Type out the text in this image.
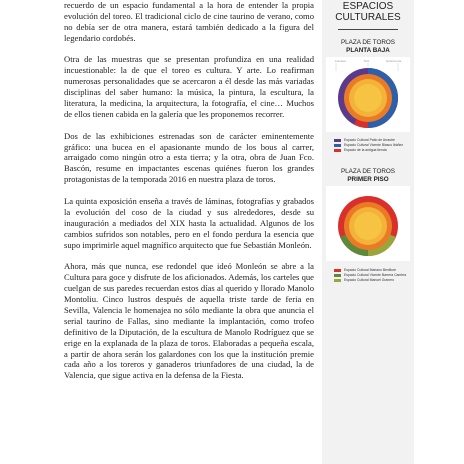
recuerdo de un espacio fundamental a la hora de entender la propia evolución del toreo. El tradicional ciclo de cine taurino de verano, como no debía ser de otra manera, estará también dedicado a la figura del legendario cordobés.

Otra de las muestras que se presentan profundiza en una realidad incuestionable: la de que el toreo es cultura. Y arte. Lo reafirman numerosas personalidades que se acercaron a él desde las más variadas disciplinas del saber humano: la música, la pintura, la escultura, la literatura, la medicina, la arquitectura, la fotografía, el cine… Muchos de ellos tienen cabida en la galería que les proponemos recorrer.

Dos de las exhibiciones estrenadas son de carácter eminentemente gráfico: una bucea en el apasionante mundo de los bous al carrer, arraigado como ningún otro a esta tierra; y la otra, obra de Juan Fco. Bascón, resume en impactantes escenas quiénes fueron los grandes protagonistas de la temporada 2016 en nuestra plaza de toros.

La quinta exposición enseña a través de láminas, fotografías y grabados la evolución del coso de la ciudad y sus alrededores, desde su inauguración a mediados del XIX hasta la actualidad. Algunos de los cambios sufridos son notables, pero en el fondo perdura la esencia que supo imprimirle aquel magnífico arquitecto que fue Sebastián Monleón.

Ahora, más que nunca, ese redondel que ideó Monleón se abre a la Cultura para goce y disfrute de los aficionados. Además, los carteles que cuelgan de sus paredes recuerdan estos días al querido y llorado Manolo Montoliu. Cinco lustros después de aquella triste tarde de feria en Sevilla, Valencia le homenajea no sólo mediante la obra que anuncia el serial taurino de Fallas, sino mediante la implantación, como trofeo definitivo de la Diputación, de la escultura de Manolo Rodríguez que se erige en la explanada de la plaza de toros. Elaboradas a pequeña escala, a partir de ahora serán los galardones con los que la institución premie cada año a los toreros y ganaderos triunfadores de una ciudad, la de Valencia, que sigue activa en la defensa de la Fiesta.

ESPACIOS
CULTURALES
PLAZA DE TOROS
PLANTA BAJA
Corrales	Toril	Enfermería
Espacio Cultural Patio de Arrastre
Espacio Cultural Vicente Blasco Ibáñez
Espacio de la antigua tienda
PLAZA DE TOROS
PRIMER PISO
Espacio Cultural Mariano Benlliure
Espacio Cultural Vicente Barrera Cambra
Espacio Cultural Manuel Granero
